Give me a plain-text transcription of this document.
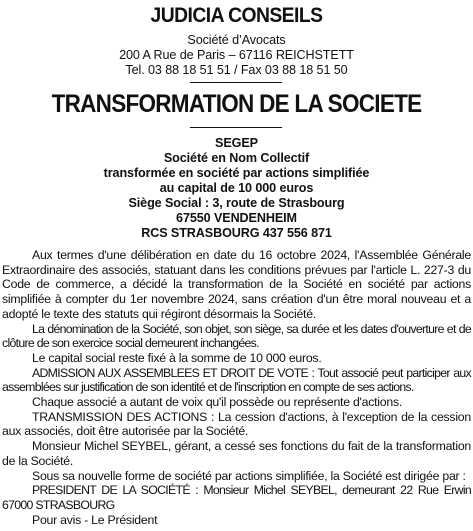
JUDICIA CONSEILS
Société d’Avocats
200 A Rue de Paris – 67116 REICHSTETT
Tel. 03 88 18 51 51 / Fax 03 88 18 51 50
TRANSFORMATION DE LA SOCIETE
SEGEP
Société en Nom Collectif
transformée en société par actions simplifiée
au capital de 10 000 euros
Siège Social : 3, route de Strasbourg
67550 VENDENHEIM
RCS STRASBOURG 437 556 871

Aux termes d'une délibération en date du 16 octobre 2024, l'Assemblée Générale Extraordinaire des associés, statuant dans les conditions prévues par l'article L. 227-3 du Code de commerce, a décidé la transformation de la Société en société par actions simplifiée à compter du 1er novembre 2024, sans création d'un être moral nouveau et a adopté le texte des statuts qui régiront désormais la Société.

La dénomination de la Société, son objet, son siège, sa durée et les dates d'ouverture et de clôture de son exercice social demeurent inchangées.

Le capital social reste fixé à la somme de 10 000 euros.

ADMISSION AUX ASSEMBLEES ET DROIT DE VOTE : Tout associé peut participer aux assemblées sur justification de son identité et de l'inscription en compte de ses actions.

Chaque associé a autant de voix qu'il possède ou représente d'actions.

TRANSMISSION DES ACTIONS : La cession d'actions, à l'exception de la cession aux associés, doit être autorisée par la Société.

Monsieur Michel SEYBEL, gérant, a cessé ses fonctions du fait de la transformation de la Société.

Sous sa nouvelle forme de société par actions simplifiée, la Société est dirigée par :

PRESIDENT DE LA SOCIÉTÉ : Monsieur Michel SEYBEL, demeurant 22 Rue Erwin 67000 STRASBOURG

Pour avis - Le Président
